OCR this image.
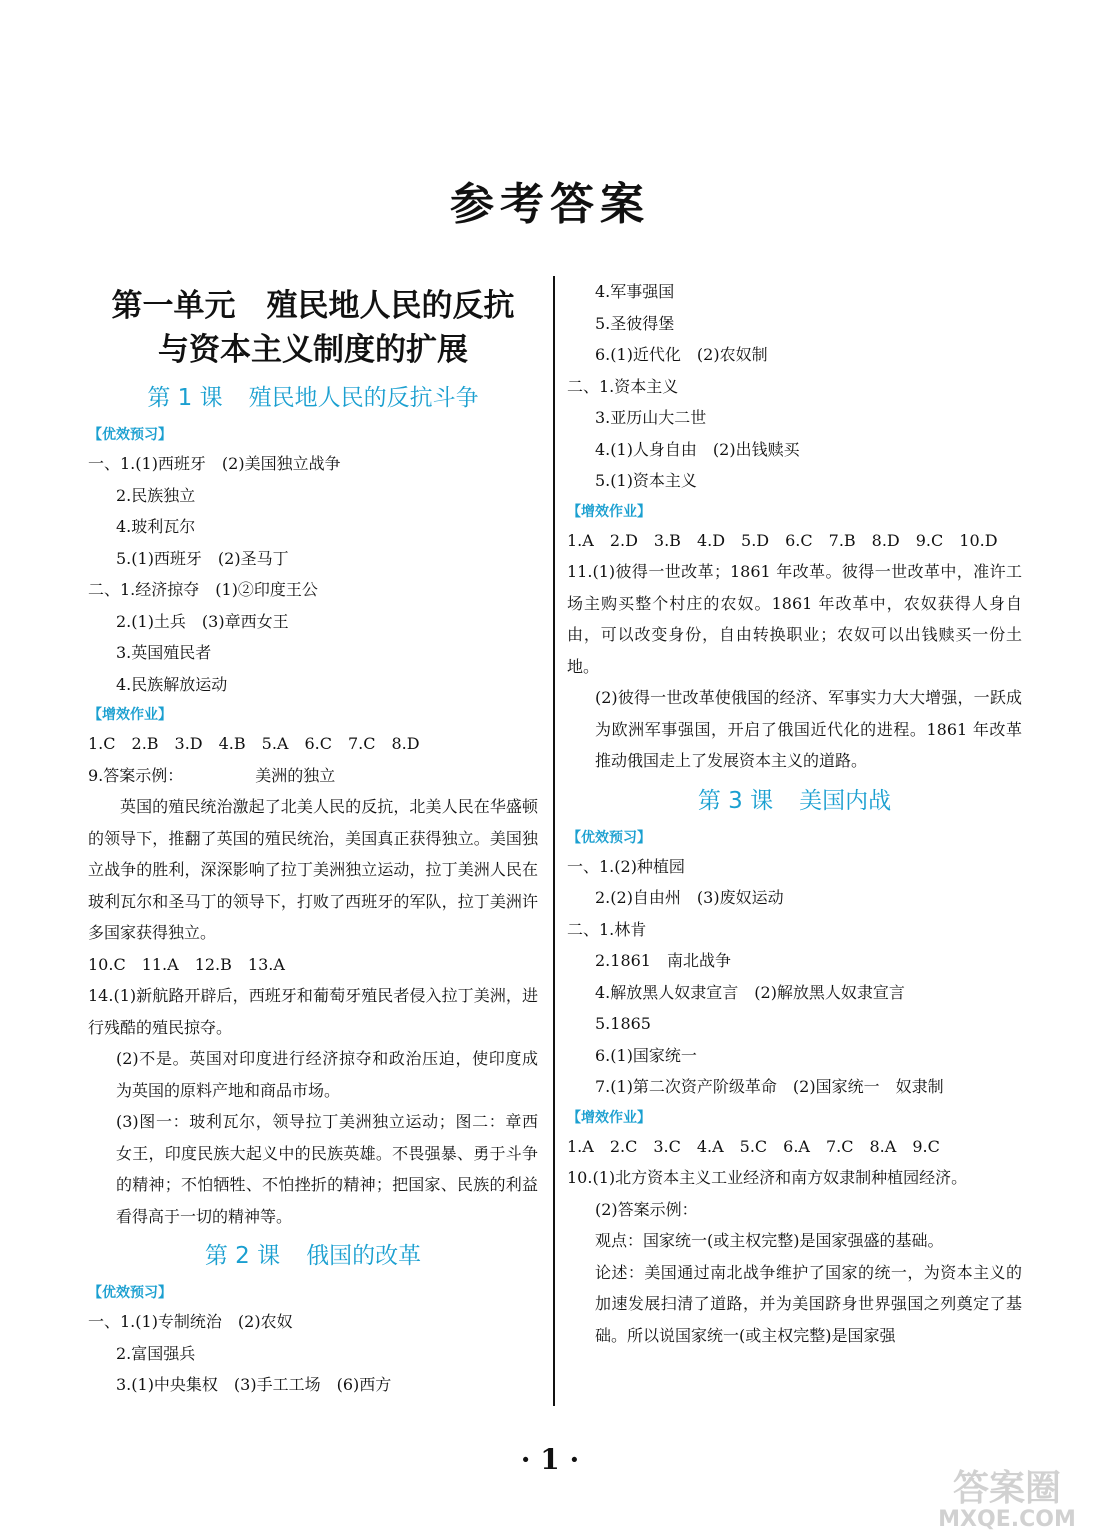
参考答案
第一单元　殖民地人民的反抗
与资本主义制度的扩展
第 1 课 殖民地人民的反抗斗争
【优效预习】
一、1.(1)西班牙　(2)美国独立战争
2.民族独立
4.玻利瓦尔
5.(1)西班牙　(2)圣马丁
二、1.经济掠夺　(1)②印度王公
2.(1)土兵　(3)章西女王
3.英国殖民者
4.民族解放运动
【增效作业】
1.C　2.B　3.D　4.B　5.A　6.C　7.C　8.D
9.答案示例：　　　　　美洲的独立
英国的殖民统治激起了北美人民的反抗，北美人民在华盛顿的领导下，推翻了英国的殖民统治，美国真正获得独立。美国独立战争的胜利，深深影响了拉丁美洲独立运动，拉丁美洲人民在玻利瓦尔和圣马丁的领导下，打败了西班牙的军队，拉丁美洲许多国家获得独立。
10.C　11.A　12.B　13.A
14.(1)新航路开辟后，西班牙和葡萄牙殖民者侵入拉丁美洲，进行残酷的殖民掠夺。
(2)不是。英国对印度进行经济掠夺和政治压迫，使印度成为英国的原料产地和商品市场。
(3)图一：玻利瓦尔，领导拉丁美洲独立运动；图二：章西女王，印度民族大起义中的民族英雄。不畏强暴、勇于斗争的精神；不怕牺牲、不怕挫折的精神；把国家、民族的利益看得高于一切的精神等。
第 2 课 俄国的改革
【优效预习】
一、1.(1)专制统治　(2)农奴
2.富国强兵
3.(1)中央集权　(3)手工工场　(6)西方
4.军事强国
5.圣彼得堡
6.(1)近代化　(2)农奴制
二、1.资本主义
3.亚历山大二世
4.(1)人身自由　(2)出钱赎买
5.(1)资本主义
【增效作业】
1.A　2.D　3.B　4.D　5.D　6.C　7.B　8.D　9.C　10.D
11.(1)彼得一世改革；1861 年改革。彼得一世改革中，准许工场主购买整个村庄的农奴。1861 年改革中，农奴获得人身自由，可以改变身份，自由转换职业；农奴可以出钱赎买一份土地。
(2)彼得一世改革使俄国的经济、军事实力大大增强，一跃成为欧洲军事强国，开启了俄国近代化的进程。1861 年改革推动俄国走上了发展资本主义的道路。
第 3 课 美国内战
【优效预习】
一、1.(2)种植园
2.(2)自由州　(3)废奴运动
二、1.林肯
2.1861　南北战争
4.解放黑人奴隶宣言　(2)解放黑人奴隶宣言
5.1865
6.(1)国家统一
7.(1)第二次资产阶级革命　(2)国家统一　奴隶制
【增效作业】
1.A　2.C　3.C　4.A　5.C　6.A　7.C　8.A　9.C
10.(1)北方资本主义工业经济和南方奴隶制种植园经济。
(2)答案示例：
观点：国家统一(或主权完整)是国家强盛的基础。
论述：美国通过南北战争维护了国家的统一，为资本主义的加速发展扫清了道路，并为美国跻身世界强国之列奠定了基础。所以说国家统一(或主权完整)是国家强
· 1 ·
答案圈
MXQE.COM
